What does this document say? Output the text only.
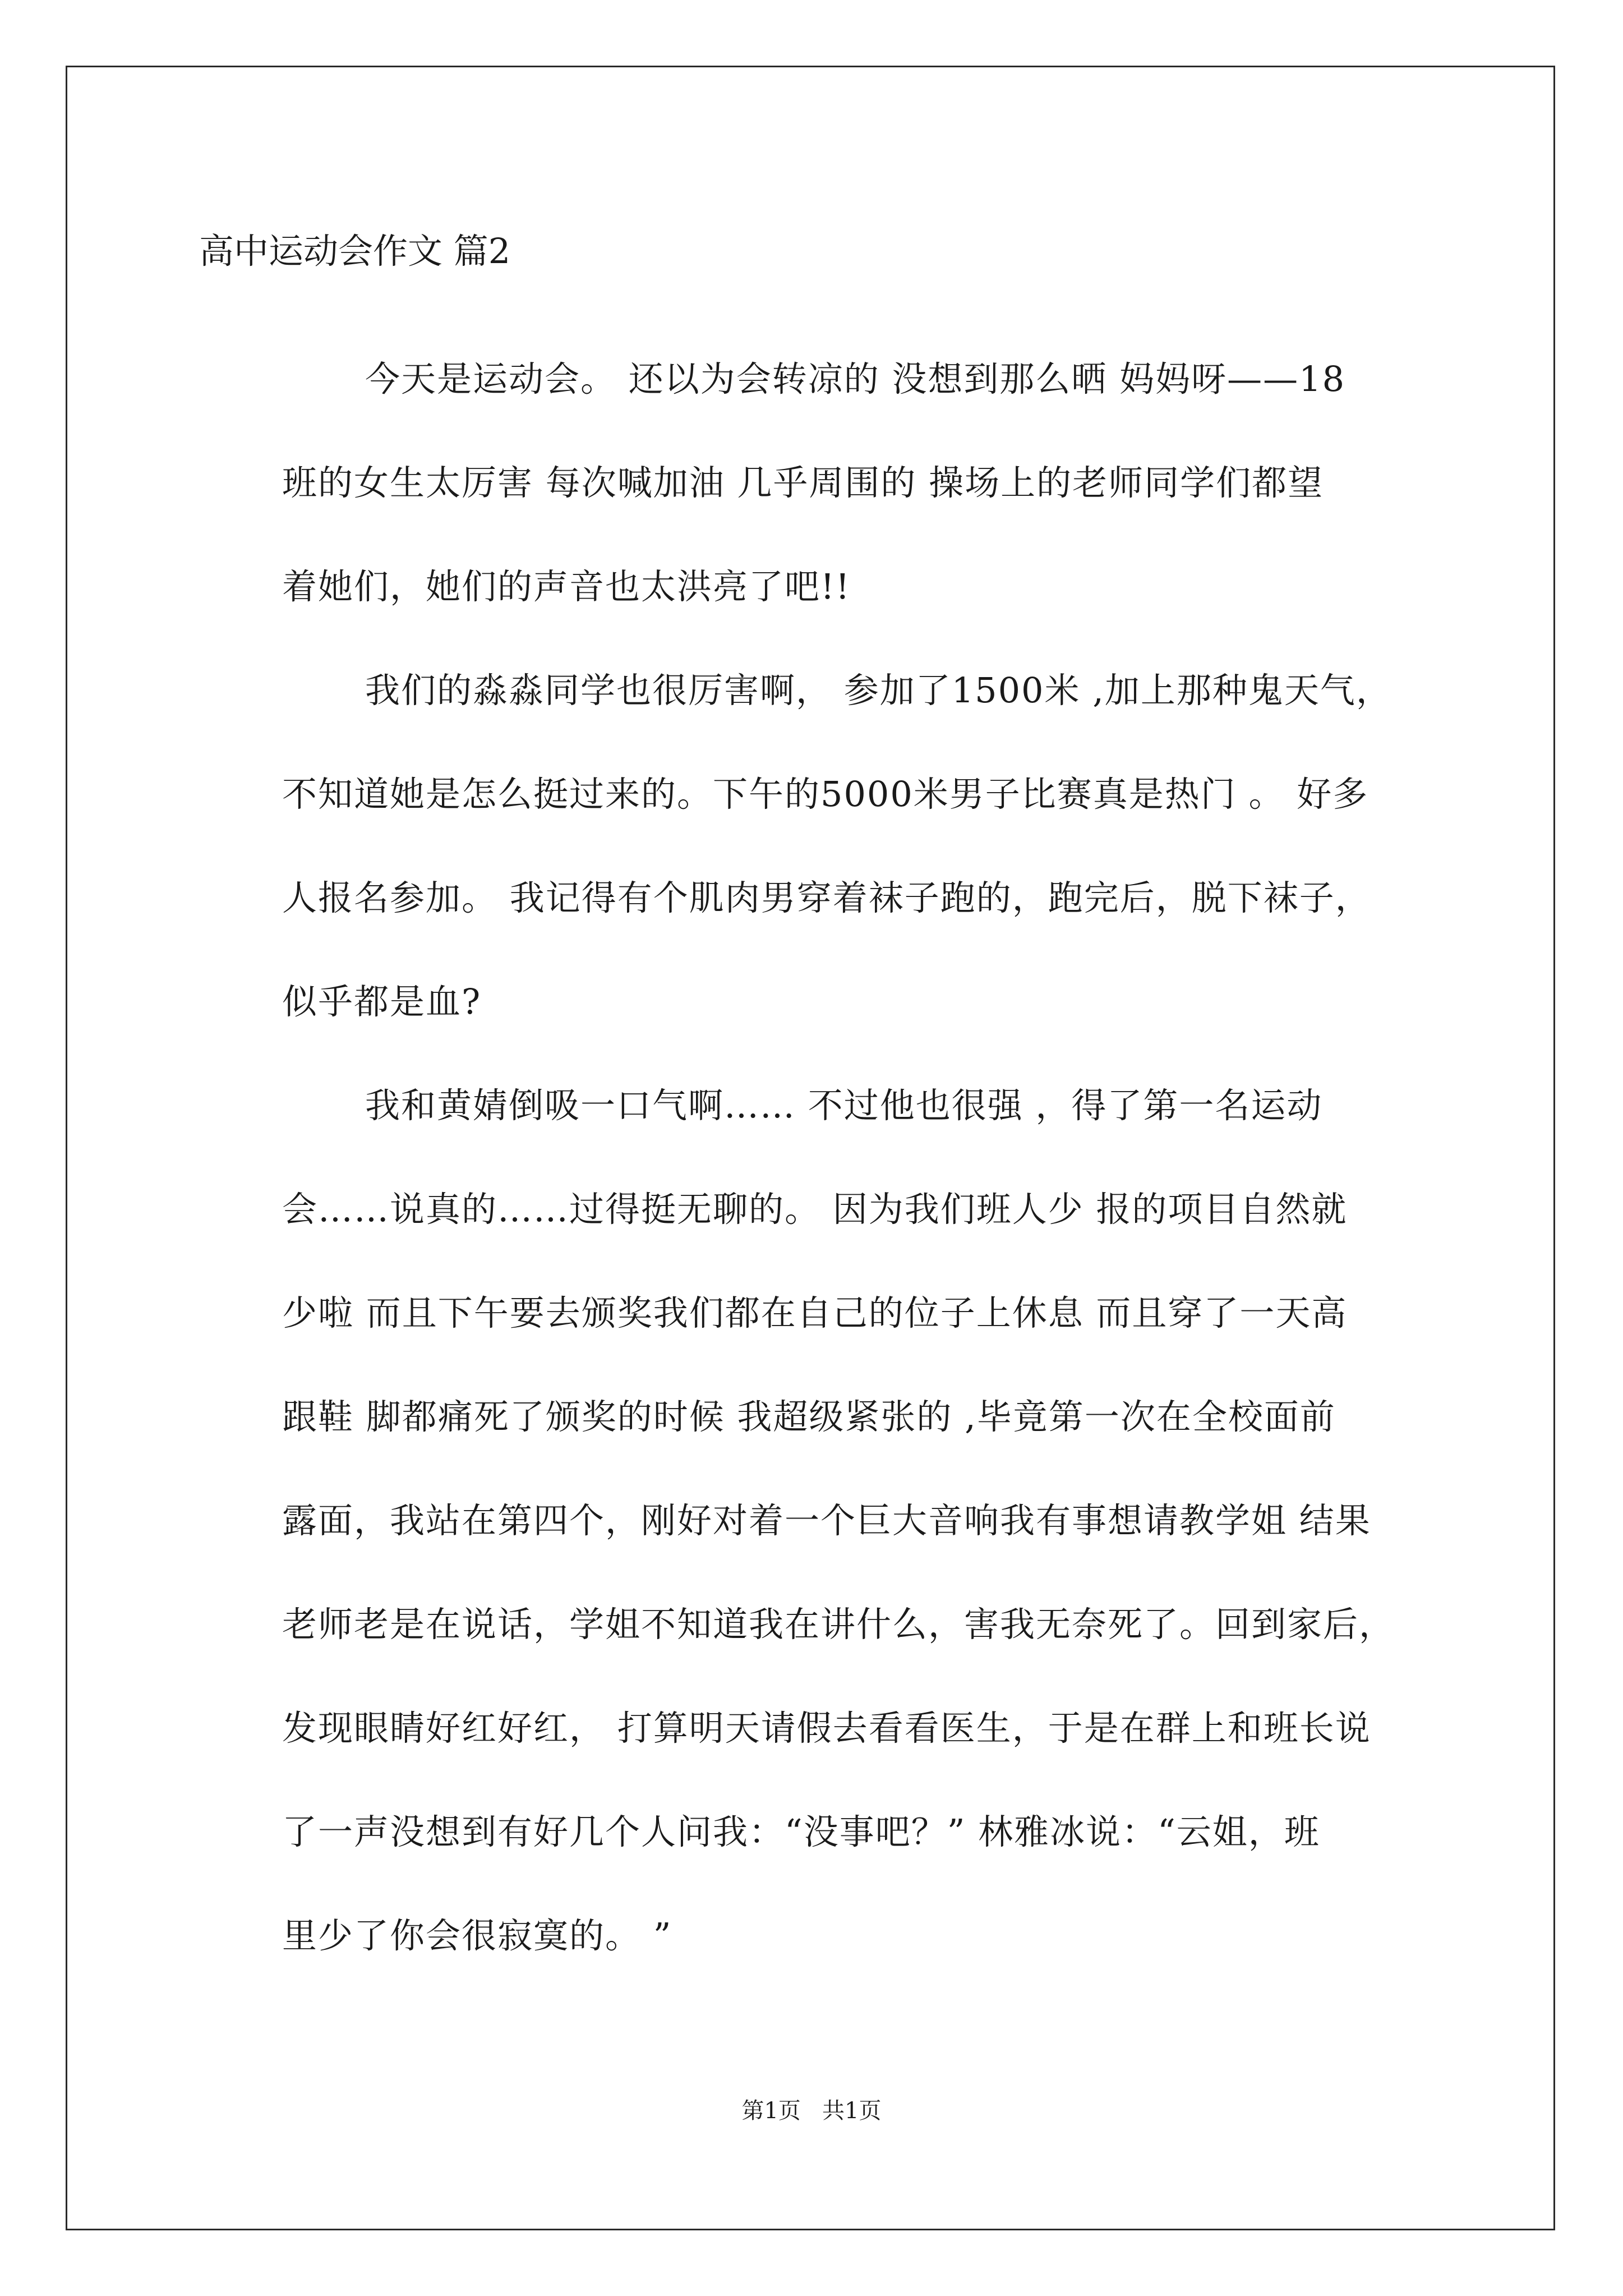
高中运动会作文 篇2
今天是运动会。 还以为会转凉的 没想到那么晒 妈妈呀——18
班的女生太厉害 每次喊加油 几乎周围的 操场上的老师同学们都望
着她们，她们的声音也太洪亮了吧!!
我们的淼淼同学也很厉害啊， 参加了1500米 ,加上那种鬼天气，
不知道她是怎么挺过来的。下午的5000米男子比赛真是热门 。 好多
人报名参加。 我记得有个肌肉男穿着袜子跑的，跑完后，脱下袜子，
似乎都是血?
我和黄婧倒吸一口气啊…… 不过他也很强 ，得了第一名运动
会……说真的……过得挺无聊的。 因为我们班人少 报的项目自然就
少啦 而且下午要去颁奖我们都在自己的位子上休息 而且穿了一天高
跟鞋 脚都痛死了颁奖的时候 我超级紧张的 ,毕竟第一次在全校面前
露面，我站在第四个，刚好对着一个巨大音响我有事想请教学姐 结果
老师老是在说话，学姐不知道我在讲什么，害我无奈死了。回到家后，
发现眼睛好红好红， 打算明天请假去看看医生，于是在群上和班长说
了一声没想到有好几个人问我：“没事吧？” 林雅冰说：“云姐，班
里少了你会很寂寞的。 ”
第1页   共1页
